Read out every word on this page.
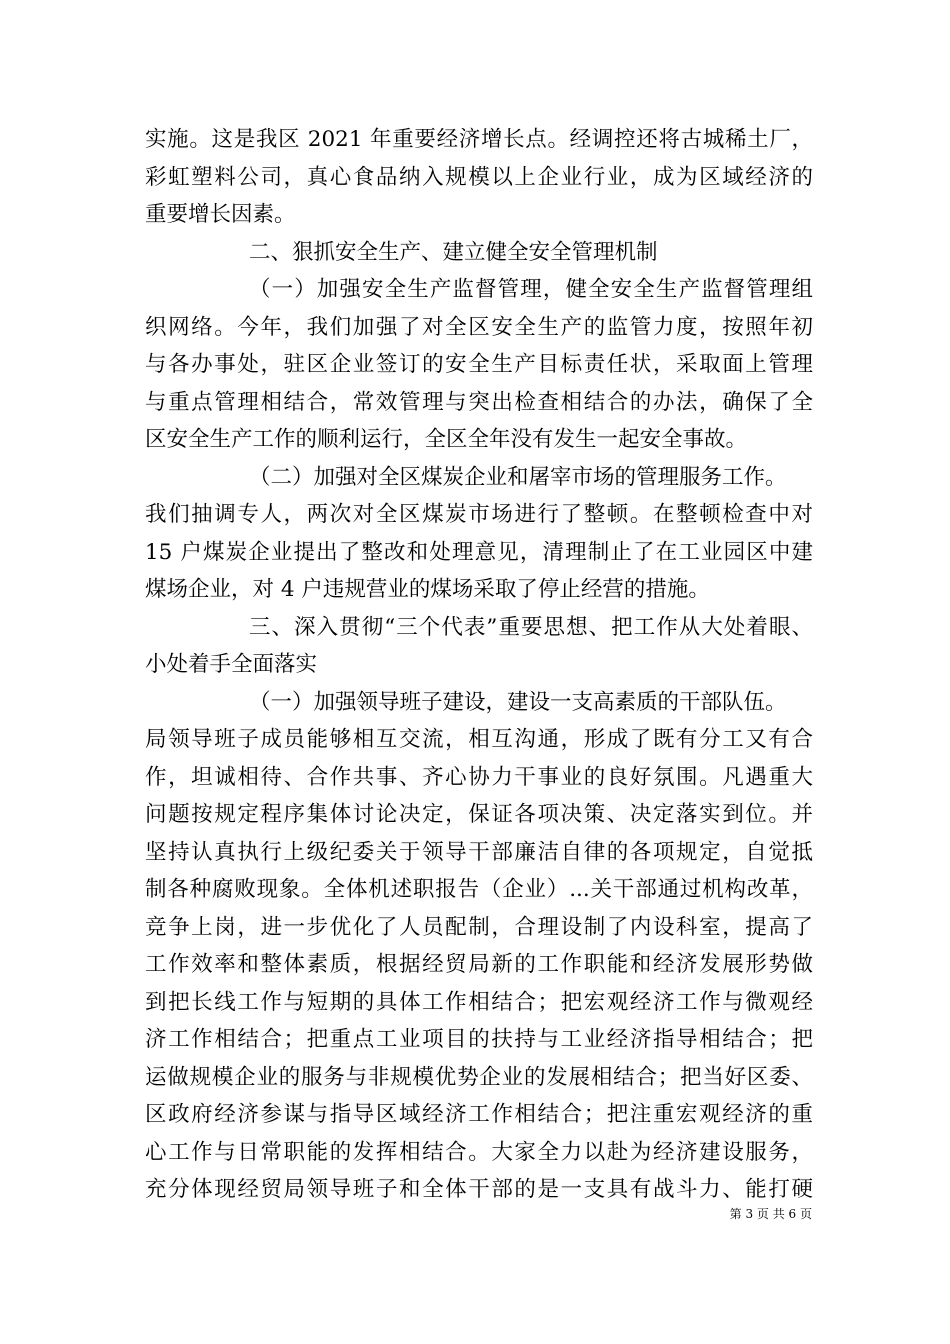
实施。这是我区 2021 年重要经济增长点。经调控还将古城稀土厂，
彩虹塑料公司，真心食品纳入规模以上企业行业，成为区域经济的
重要增长因素。
二、狠抓安全生产、建立健全安全管理机制
（一）加强安全生产监督管理，健全安全生产监督管理组
织网络。今年，我们加强了对全区安全生产的监管力度，按照年初
与各办事处，驻区企业签订的安全生产目标责任状，采取面上管理
与重点管理相结合，常效管理与突出检查相结合的办法，确保了全
区安全生产工作的顺利运行，全区全年没有发生一起安全事故。
（二）加强对全区煤炭企业和屠宰市场的管理服务工作。
我们抽调专人，两次对全区煤炭市场进行了整顿。在整顿检查中对
15 户煤炭企业提出了整改和处理意见，清理制止了在工业园区中建
煤场企业，对 4 户违规营业的煤场采取了停止经营的措施。
三、深入贯彻“三个代表”重要思想、把工作从大处着眼、
小处着手全面落实
（一）加强领导班子建设，建设一支高素质的干部队伍。
局领导班子成员能够相互交流，相互沟通，形成了既有分工又有合
作，坦诚相待、合作共事、齐心协力干事业的良好氛围。凡遇重大
问题按规定程序集体讨论决定，保证各项决策、决定落实到位。并
坚持认真执行上级纪委关于领导干部廉洁自律的各项规定，自觉抵
制各种腐败现象。全体机述职报告（企业）...关干部通过机构改革，
竞争上岗，进一步优化了人员配制，合理设制了内设科室，提高了
工作效率和整体素质，根据经贸局新的工作职能和经济发展形势做
到把长线工作与短期的具体工作相结合；把宏观经济工作与微观经
济工作相结合；把重点工业项目的扶持与工业经济指导相结合；把
运做规模企业的服务与非规模优势企业的发展相结合；把当好区委、
区政府经济参谋与指导区域经济工作相结合；把注重宏观经济的重
心工作与日常职能的发挥相结合。大家全力以赴为经济建设服务，
充分体现经贸局领导班子和全体干部的是一支具有战斗力、能打硬
第 3 页 共 6 页
